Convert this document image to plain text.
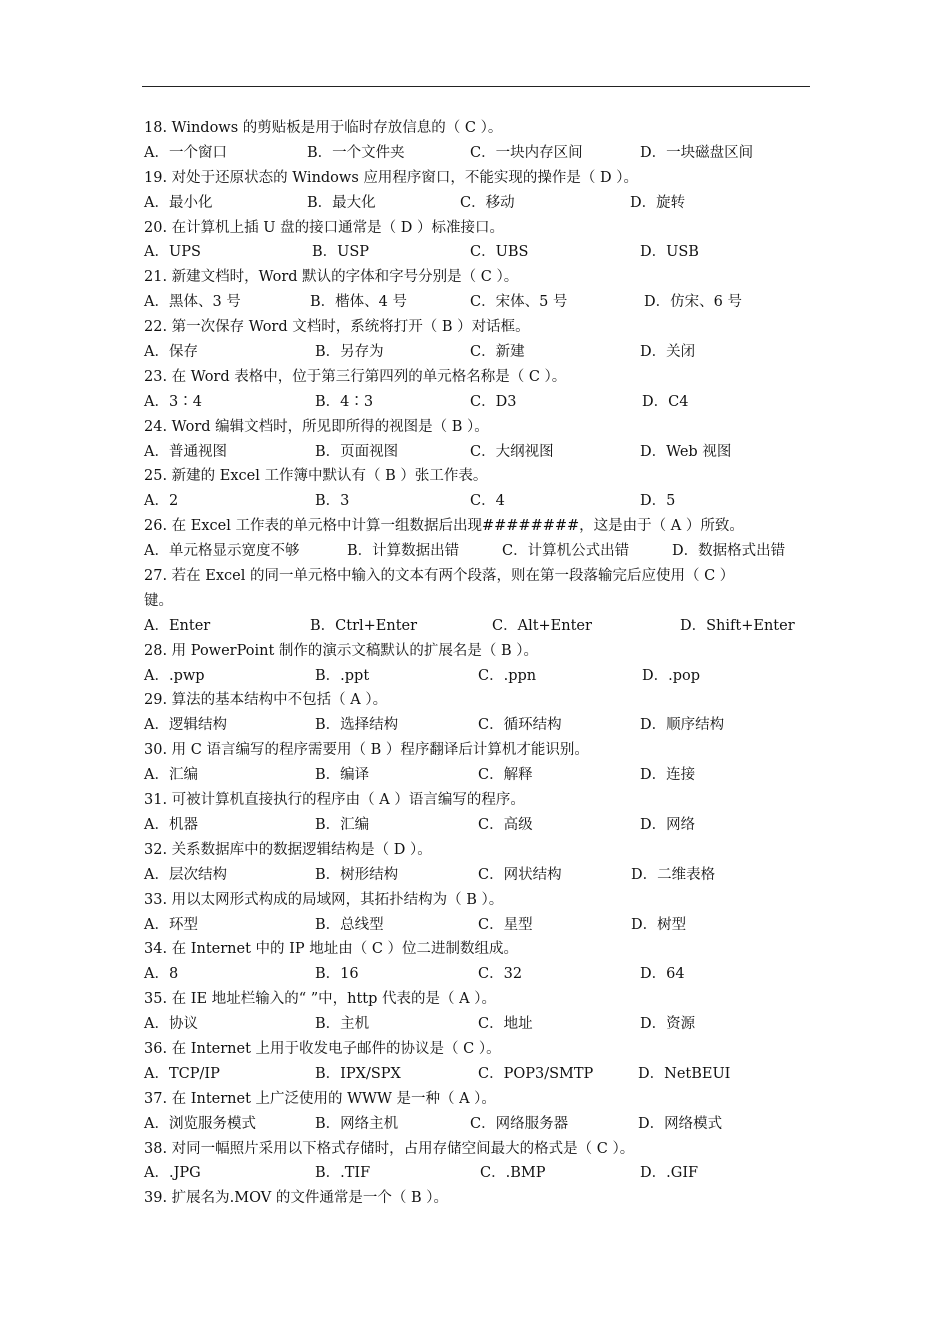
18. Windows 的剪贴板是用于临时存放信息的（ C ）。
A．一个窗口	B．一个文件夹	C．一块内存区间	D．一块磁盘区间
19. 对处于还原状态的 Windows 应用程序窗口，不能实现的操作是（ D ）。
A．最小化	B．最大化	C．移动	D．旋转
20. 在计算机上插 U 盘的接口通常是（ D ）标准接口。
A．UPS	B．USP	C．UBS	D．USB
21. 新建文档时，Word 默认的字体和字号分别是（ C ）。
A．黑体、3 号	B．楷体、4 号	C．宋体、5 号	D．仿宋、6 号
22. 第一次保存 Word 文档时，系统将打开（ B ）对话框。
A．保存	B．另存为	C．新建	D．关闭
23. 在 Word 表格中，位于第三行第四列的单元格名称是（ C ）。
A．3∶4	B．4∶3	C．D3	D．C4
24. Word 编辑文档时，所见即所得的视图是（ B ）。
A．普通视图	B．页面视图	C．大纲视图	D．Web 视图
25. 新建的 Excel 工作簿中默认有（ B ）张工作表。
A．2	B．3	C．4	D．5
26. 在 Excel 工作表的单元格中计算一组数据后出现########，这是由于（ A ）所致。
A．单元格显示宽度不够	B．计算数据出错	C．计算机公式出错	D．数据格式出错
27. 若在 Excel 的同一单元格中输入的文本有两个段落，则在第一段落输完后应使用（ C ）
键。
A．Enter	B．Ctrl+Enter	C．Alt+Enter	D．Shift+Enter
28. 用 PowerPoint 制作的演示文稿默认的扩展名是（ B ）。
A．.pwp	B．.ppt	C．.ppn	D．.pop
29. 算法的基本结构中不包括（ A ）。
A．逻辑结构	B．选择结构	C．循环结构	D．顺序结构
30. 用 C 语言编写的程序需要用（ B ）程序翻译后计算机才能识别。
A．汇编	B．编译	C．解释	D．连接
31. 可被计算机直接执行的程序由（ A ）语言编写的程序。
A．机器	B．汇编	C．高级	D．网络
32. 关系数据库中的数据逻辑结构是（ D ）。
A．层次结构	B．树形结构	C．网状结构	D．二维表格
33. 用以太网形式构成的局域网，其拓扑结构为（ B ）。
A．环型	B．总线型	C．星型	D．树型
34. 在 Internet 中的 IP 地址由（ C ）位二进制数组成。
A．8	B．16	C．32	D．64
35. 在 IE 地址栏输入的“ ”中，http 代表的是（ A ）。
A．协议	B．主机	C．地址	D．资源
36. 在 Internet 上用于收发电子邮件的协议是（ C ）。
A．TCP/IP	B．IPX/SPX	C．POP3/SMTP	D．NetBEUI
37. 在 Internet 上广泛使用的 WWW 是一种（ A ）。
A．浏览服务模式	B．网络主机	C．网络服务器	D．网络模式
38. 对同一幅照片采用以下格式存储时，占用存储空间最大的格式是（ C ）。
A．.JPG	B．.TIF	C．.BMP	D．.GIF
39. 扩展名为.MOV 的文件通常是一个（ B ）。
